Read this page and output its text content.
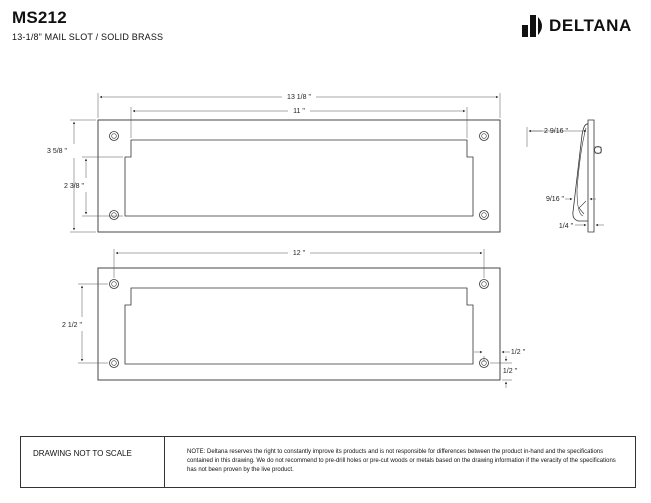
MS212
13-1/8” MAIL SLOT / SOLID BRASS
DELTANA
13 1/8 "
11 "
3 5/8 "
2 3/8 "
2 9/16 "
9/16 "
1/4 "
12 "
2 1/2 "
1/2 "
1/2 "
DRAWING NOT TO SCALE	NOTE: Deltana reserves the right to constantly improve its products and is not responsible for differences between the product in-hand and the specifications contained in this drawing. We do not recommend to pre-drill holes or pre-cut woods or metals based on the drawing information if the veracity of the specifications has not been proven by the live product.
